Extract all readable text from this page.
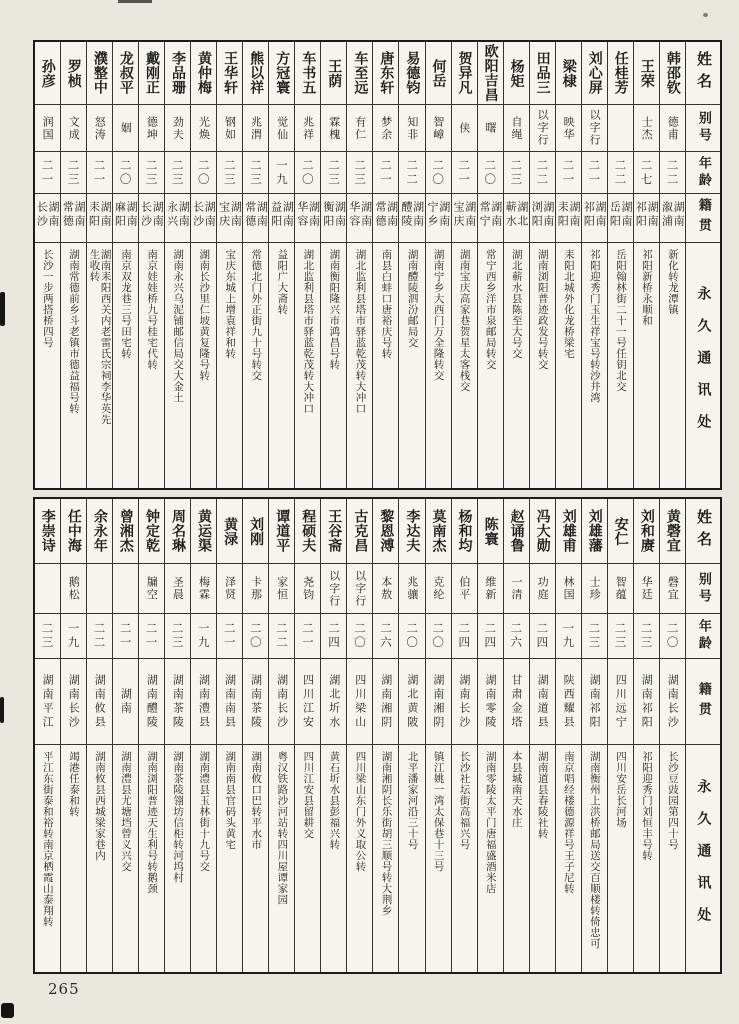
姓名
别号
年龄
籍贯
永久通讯处
韩邵钦
德甫
二二
湖南溆浦
新化转龙潭镇
王荣
士杰
二七
湖南祁阳
祁阳新桥永顺和
任桂芳
二二
湖南岳阳
岳阳翰林街二十一号任钥北交
刘心屏
以字行
二一
湖南祁阳
祁阳迎秀门玉生祥宝号转沙井湾
梁棣
映华
二一
湖南耒阳
耒阳北城外化龙桥梁宅
田品三
以字行
二二
湖南浏阳
湖南浏阳普迹政发号转交
杨矩
自绳
二三
湖北蕲水
湖北蕲水县陈至大号交
欧阳吉昌
曙
二〇
湖南常宁
常宁西乡洋市泉邮局转交
贺异凡
侠
二一
湖南宝庆
湖南宝庆高家巷贺星太客栈交
何岳
智嶂
二〇
湖南宁乡
湖南宁乡大西门万全隆转交
易德钧
知非
二二
湖南醴陵
湖南醴陵泗汾邮局交
唐东轩
梦余
二一
湖南常德
南县白蚌口唐裕庆号转
车至远
有仁
二三
湖南华容
湖北监利县塔市驿蓝乾茂转大冲口
王荫
霖槐
二三
湖南衡阳
湖南衡阳隆兴市鸿昌号转
车书五
兆祥
二〇
湖南华容
湖北监利县塔市驿蓝乾茂转大冲口
方冠寰
觉仙
一九
湖南益阳
益阳广大斋转
熊以祥
兆渭
二三
湖南常德
常德北门外正街九十号转交
王华轩
钢如
二三
湖南宝庆
宝庆东城上增袁祥和转
黄仲梅
光焕
二〇
湖南长沙
湖南长沙里仁坡黄复隆号转
李品珊
劲夫
二三
湖南永兴
湖南永兴乌泥铺邮信局交大金土
戴刚正
德坤
二三
湖南长沙
南京娃娃桥九号桂宅代转
龙叔平
姻
二〇
湖南麻阳
南京双龙巷三号田宅转
濮整中
怒涛
二一
湖南耒阳
湖南耒阳西关内老雷氏宗祠李华英先生收转
罗桢
文成
二三
湖南常德
湖南常德前乡斗老镇市德益福号转
孙彦
润国
二一
湖南长沙
长沙一步两搭桥四号
姓名
别号
年龄
籍贯
永久通讯处
黄磬宜
磬宜
二〇
湖南长沙
长沙豆豉园第四十号
刘和赓
华廷
二三
湖南祁阳
祁阳迎秀门刘恒丰号转
安仁
智蕴
二三
四川远宁
四川安岳长河场
刘雄藩
士珍
二三
湖南祁阳
湖南衡州上洪桥邮局送交百顺楼转倚忠可
刘雄甫
林国
一九
陕西耀县
南京唱经楼德源祥号王子尼转
冯大勋
功庭
二四
湖南道县
湖南道县春陵社转
赵诵鲁
一清
二六
甘肃金塔
本县城南天水庄
陈寰
维新
二四
湖南零陵
湖南零陵太平门唐福盛酒米店
杨和均
伯平
二四
湖南长沙
长沙社坛街高福兴号
莫南杰
克纶
二〇
湖南湘阴
镇江姚一湾太保巷十三号
李达夫
兆骧
二〇
湖北黄陂
北平潘家河沿三十号
黎恩溥
本敖
二六
湖南湘阴
湖南湘阴长乐街胡三顺号转大荆乡
古克昌
以字行
二〇
四川梁山
四川梁山东门外义取公转
王谷斋
以字行
二四
湖北圻水
黄石圻水县彭福兴转
程硕夫
尧钧
二一
四川江安
四川江安县留耕交
谭道平
家恒
二二
湖南长沙
粤汉铁路沙河站转四川屋谭家园
刘刚
卡那
二〇
湖南茶陵
湖南攸口巴转平水市
黄渌
泽贤
二一
湖南南县
湖南南县官码头黄宅
黄运渠
梅霖
一九
湖南澧县
湖南澧县玉林街十九号交
周名琳
圣晨
二三
湖南茶陵
湖南茶陵翎坊信柜转河坞村
钟定乾
牖空
二一
湖南醴陵
湖南浏阳普迹天生利号转鹅颈
曾湘杰
二一
湖南
湖南澧县尤塘垱曾义兴交
余永年
二二
湖南攸县
湖南攸县西城梁家巷内
任中海
鹅松
一九
湖南长沙
竭港任泰和转
李崇诗
二三
湖南平江
平江东街泰和裕转南京栖霞山泰翔转
265
